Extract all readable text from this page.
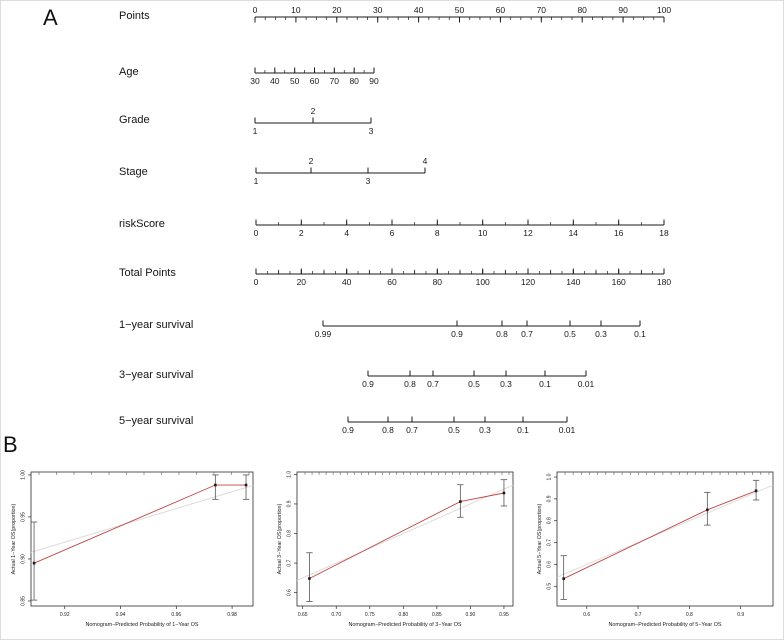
A
B
0	10	20	30	40	50	60	70	80	90	100
30 40 50 60 70 80 90
1
2
3
1
2
3
4
0	2	4	6	8	10	12	14	16	18
0	20	40	60	80	100	120	140	160	180
0.99	0.9	0.8 0.7	0.5 0.3	0.1
0.9	0.8 0.7	0.5 0.3	0.1	0.01
0.9	0.8 0.7	0.5 0.3	0.1	0.01
Points
Age
Grade
Stage
riskScore
Total Points
1−year survival
3−year survival
5−year survival
0.92	0.94	0.96	0.98
0.85
0.90
0.95
1.00
Nomogram−Predicted Probability of 1−Year OS
Actual 1−Year OS(proportion)
0.65	0.70	0.75	0.80	0.85	0.90	0.95
0.6
0.7
0.8
0.9
1.0
Nomogram−Predicted Probability of 3−Year OS
Actual 3−Year OS(proportion)
0.6	0.7	0.8	0.9
0.5
0.6
0.7
0.8
0.9
1.0
Nomogram−Predicted Probability of 5−Year OS
Actual 5−Year OS(proportion)
